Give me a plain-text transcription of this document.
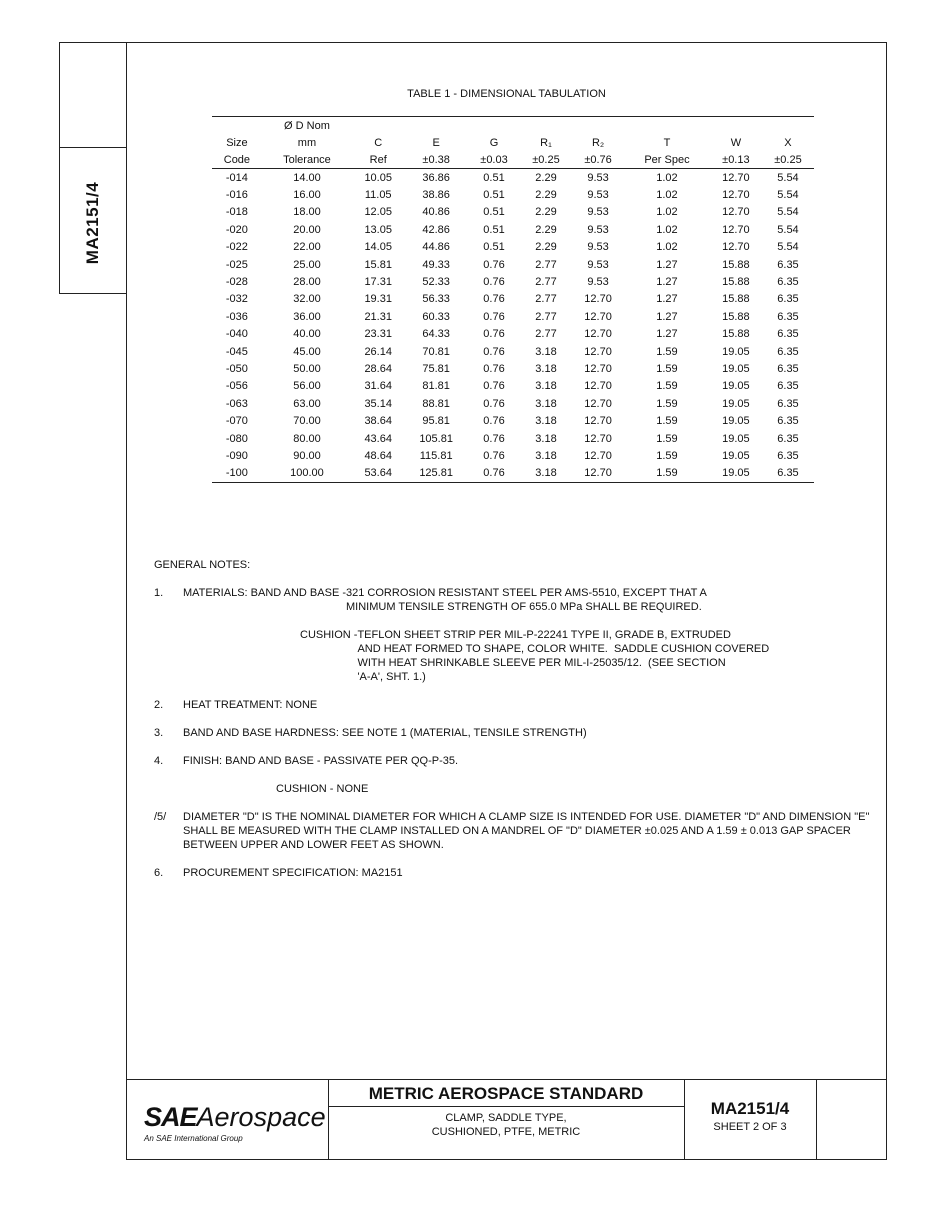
MA2151/4
TABLE 1 - DIMENSIONAL TABULATION
	Ø D Nom								
Size	mm	C	E	G	R₁	R₂	T	W	X
Code	Tolerance	Ref	±0.38	±0.03	±0.25	±0.76	Per Spec	±0.13	±0.25
-014	14.00	10.05	36.86	0.51	2.29	9.53	1.02	12.70	5.54
-016	16.00	11.05	38.86	0.51	2.29	9.53	1.02	12.70	5.54
-018	18.00	12.05	40.86	0.51	2.29	9.53	1.02	12.70	5.54
-020	20.00	13.05	42.86	0.51	2.29	9.53	1.02	12.70	5.54
-022	22.00	14.05	44.86	0.51	2.29	9.53	1.02	12.70	5.54
-025	25.00	15.81	49.33	0.76	2.77	9.53	1.27	15.88	6.35
-028	28.00	17.31	52.33	0.76	2.77	9.53	1.27	15.88	6.35
-032	32.00	19.31	56.33	0.76	2.77	12.70	1.27	15.88	6.35
-036	36.00	21.31	60.33	0.76	2.77	12.70	1.27	15.88	6.35
-040	40.00	23.31	64.33	0.76	2.77	12.70	1.27	15.88	6.35
-045	45.00	26.14	70.81	0.76	3.18	12.70	1.59	19.05	6.35
-050	50.00	28.64	75.81	0.76	3.18	12.70	1.59	19.05	6.35
-056	56.00	31.64	81.81	0.76	3.18	12.70	1.59	19.05	6.35
-063	63.00	35.14	88.81	0.76	3.18	12.70	1.59	19.05	6.35
-070	70.00	38.64	95.81	0.76	3.18	12.70	1.59	19.05	6.35
-080	80.00	43.64	105.81	0.76	3.18	12.70	1.59	19.05	6.35
-090	90.00	48.64	115.81	0.76	3.18	12.70	1.59	19.05	6.35
-100	100.00	53.64	125.81	0.76	3.18	12.70	1.59	19.05	6.35
GENERAL NOTES:
1.	MATERIALS: BAND AND BASE - 321 CORROSION RESISTANT STEEL PER AMS-5510, EXCEPT THAT A
MINIMUM TENSILE STRENGTH OF 655.0 MPa SHALL BE REQUIRED.
CUSHION - TEFLON SHEET STRIP PER MIL-P-22241 TYPE II, GRADE B, EXTRUDED
AND HEAT FORMED TO SHAPE, COLOR WHITE.  SADDLE CUSHION COVERED
WITH HEAT SHRINKABLE SLEEVE PER MIL-I-25035/12.  (SEE SECTION
'A-A', SHT. 1.)
2.	HEAT TREATMENT: NONE
3.	BAND AND BASE HARDNESS: SEE NOTE 1 (MATERIAL, TENSILE STRENGTH)
4.	FINISH: BAND AND BASE - PASSIVATE PER QQ-P-35.
CUSHION - NONE
/5/	DIAMETER "D" IS THE NOMINAL DIAMETER FOR WHICH A CLAMP SIZE IS INTENDED FOR USE. DIAMETER "D" AND DIMENSION "E" SHALL BE MEASURED WITH THE CLAMP INSTALLED ON A MANDREL OF "D" DIAMETER ±0.025 AND A 1.59 ± 0.013 GAP SPACER BETWEEN UPPER AND LOWER FEET AS SHOWN.
6.	PROCUREMENT SPECIFICATION: MA2151
SAEAerospace
An SAE International Group
METRIC AEROSPACE STANDARD
CLAMP, SADDLE TYPE,
CUSHIONED, PTFE, METRIC
MA2151/4
SHEET 2 OF 3
